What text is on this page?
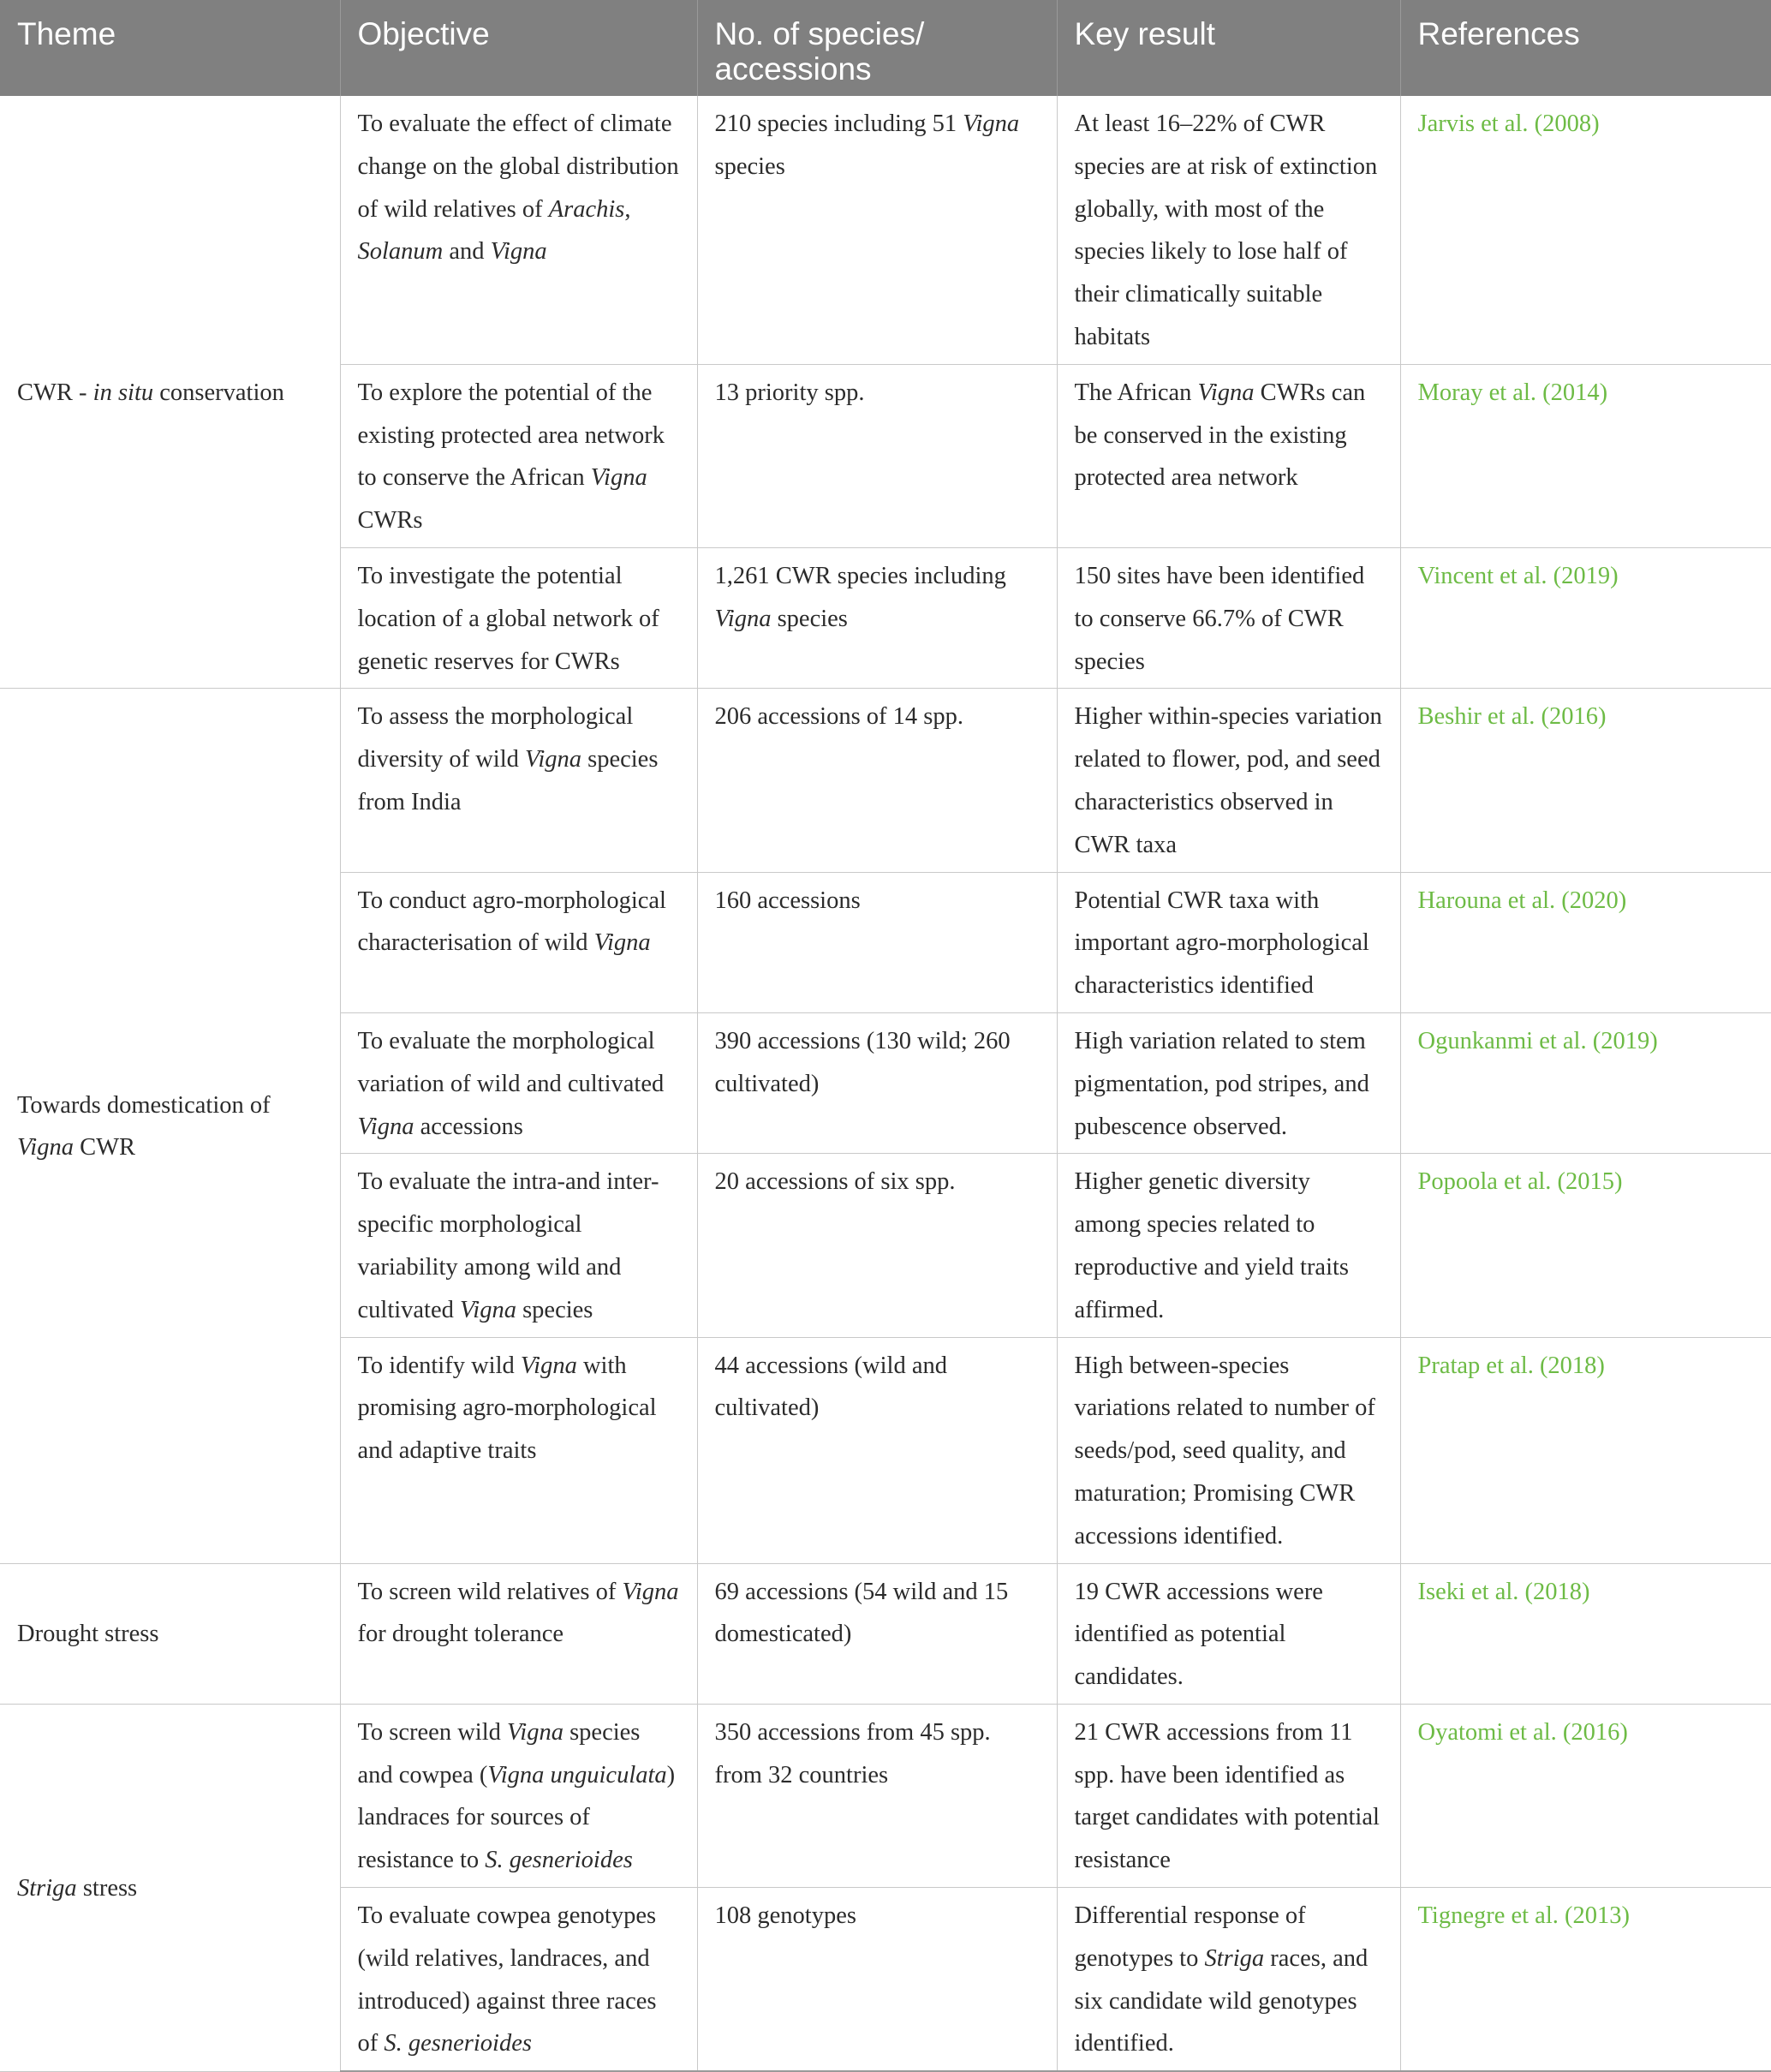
Theme	Objective	No. of species/ accessions	Key result	References
CWR - in situ conservation	To evaluate the effect of climate change on the global distribution of wild relatives of Arachis, Solanum and Vigna	210 species including 51 Vigna species	At least 16–22% of CWR species are at risk of extinction globally, with most of the species likely to lose half of their climatically suitable habitats	Jarvis et al. (2008)
	To explore the potential of the existing protected area network to conserve the African Vigna CWRs	13 priority spp.	The African Vigna CWRs can be conserved in the existing protected area network	Moray et al. (2014)
	To investigate the potential location of a global network of genetic reserves for CWRs	1,261 CWR species including Vigna species	150 sites have been identified to conserve 66.7% of CWR species	Vincent et al. (2019)
Towards domestication of Vigna CWR	To assess the morphological diversity of wild Vigna species from India	206 accessions of 14 spp.	Higher within-species variation related to flower, pod, and seed characteristics observed in CWR taxa	Beshir et al. (2016)
	To conduct agro-morphological characterisation of wild Vigna	160 accessions	Potential CWR taxa with important agro-morphological characteristics identified	Harouna et al. (2020)
	To evaluate the morphological variation of wild and cultivated Vigna accessions	390 accessions (130 wild; 260 cultivated)	High variation related to stem pigmentation, pod stripes, and pubescence observed.	Ogunkanmi et al. (2019)
	To evaluate the intra-and inter-specific morphological variability among wild and cultivated Vigna species	20 accessions of six spp.	Higher genetic diversity among species related to reproductive and yield traits affirmed.	Popoola et al. (2015)
	To identify wild Vigna with promising agro-morphological and adaptive traits	44 accessions (wild and cultivated)	High between-species variations related to number of seeds/pod, seed quality, and maturation; Promising CWR accessions identified.	Pratap et al. (2018)
Drought stress	To screen wild relatives of Vigna for drought tolerance	69 accessions (54 wild and 15 domesticated)	19 CWR accessions were identified as potential candidates.	Iseki et al. (2018)
Striga stress	To screen wild Vigna species and cowpea (Vigna unguiculata) landraces for sources of resistance to S. gesnerioides	350 accessions from 45 spp. from 32 countries	21 CWR accessions from 11 spp. have been identified as target candidates with potential resistance	Oyatomi et al. (2016)
	To evaluate cowpea genotypes (wild relatives, landraces, and introduced) against three races of S. gesnerioides	108 genotypes	Differential response of genotypes to Striga races, and six candidate wild genotypes identified.	Tignegre et al. (2013)
